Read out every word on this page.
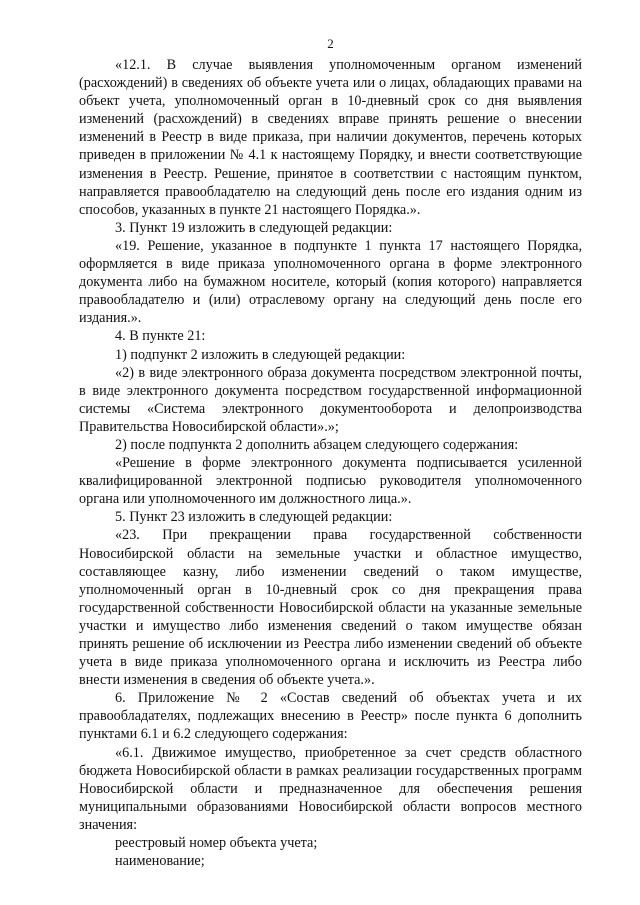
2

«12.1. В случае выявления уполномоченным органом изменений (расхождений) в сведениях об объекте учета или о лицах, обладающих правами на объект учета, уполномоченный орган в 10-дневный срок со дня выявления изменений (расхождений) в сведениях вправе принять решение о внесении изменений в Реестр в виде приказа, при наличии документов, перечень которых приведен в приложении № 4.1 к настоящему Порядку, и внести соответствующие изменения в Реестр. Решение, принятое в соответствии с настоящим пунктом, направляется правообладателю на следующий день после его издания одним из способов, указанных в пункте 21 настоящего Порядка.».

3. Пункт 19 изложить в следующей редакции:

«19. Решение, указанное в подпункте 1 пункта 17 настоящего Порядка, оформляется в виде приказа уполномоченного органа в форме электронного документа либо на бумажном носителе, который (копия которого) направляется правообладателю и (или) отраслевому органу на следующий день после его издания.».

4. В пункте 21:

1) подпункт 2 изложить в следующей редакции:

«2) в виде электронного образа документа посредством электронной почты, в виде электронного документа посредством государственной информационной системы «Система электронного документооборота и делопроизводства Правительства Новосибирской области».»;

2) после подпункта 2 дополнить абзацем следующего содержания:

«Решение в форме электронного документа подписывается усиленной квалифицированной электронной подписью руководителя уполномоченного органа или уполномоченного им должностного лица.».

5. Пункт 23 изложить в следующей редакции:

«23. При прекращении права государственной собственности Новосибирской области на земельные участки и областное имущество, составляющее казну, либо изменении сведений о таком имуществе, уполномоченный орган в 10-дневный срок со дня прекращения права государственной собственности Новосибирской области на указанные земельные участки и имущество либо изменения сведений о таком имуществе обязан принять решение об исключении из Реестра либо изменении сведений об объекте учета в виде приказа уполномоченного органа и исключить из Реестра либо внести изменения в сведения об объекте учета.».

6. Приложение № 2 «Состав сведений об объектах учета и их правообладателях, подлежащих внесению в Реестр» после пункта 6 дополнить пунктами 6.1 и 6.2 следующего содержания:

«6.1. Движимое имущество, приобретенное за счет средств областного бюджета Новосибирской области в рамках реализации государственных программ Новосибирской области и предназначенное для обеспечения решения муниципальными образованиями Новосибирской области вопросов местного значения:

реестровый номер объекта учета;

наименование;
